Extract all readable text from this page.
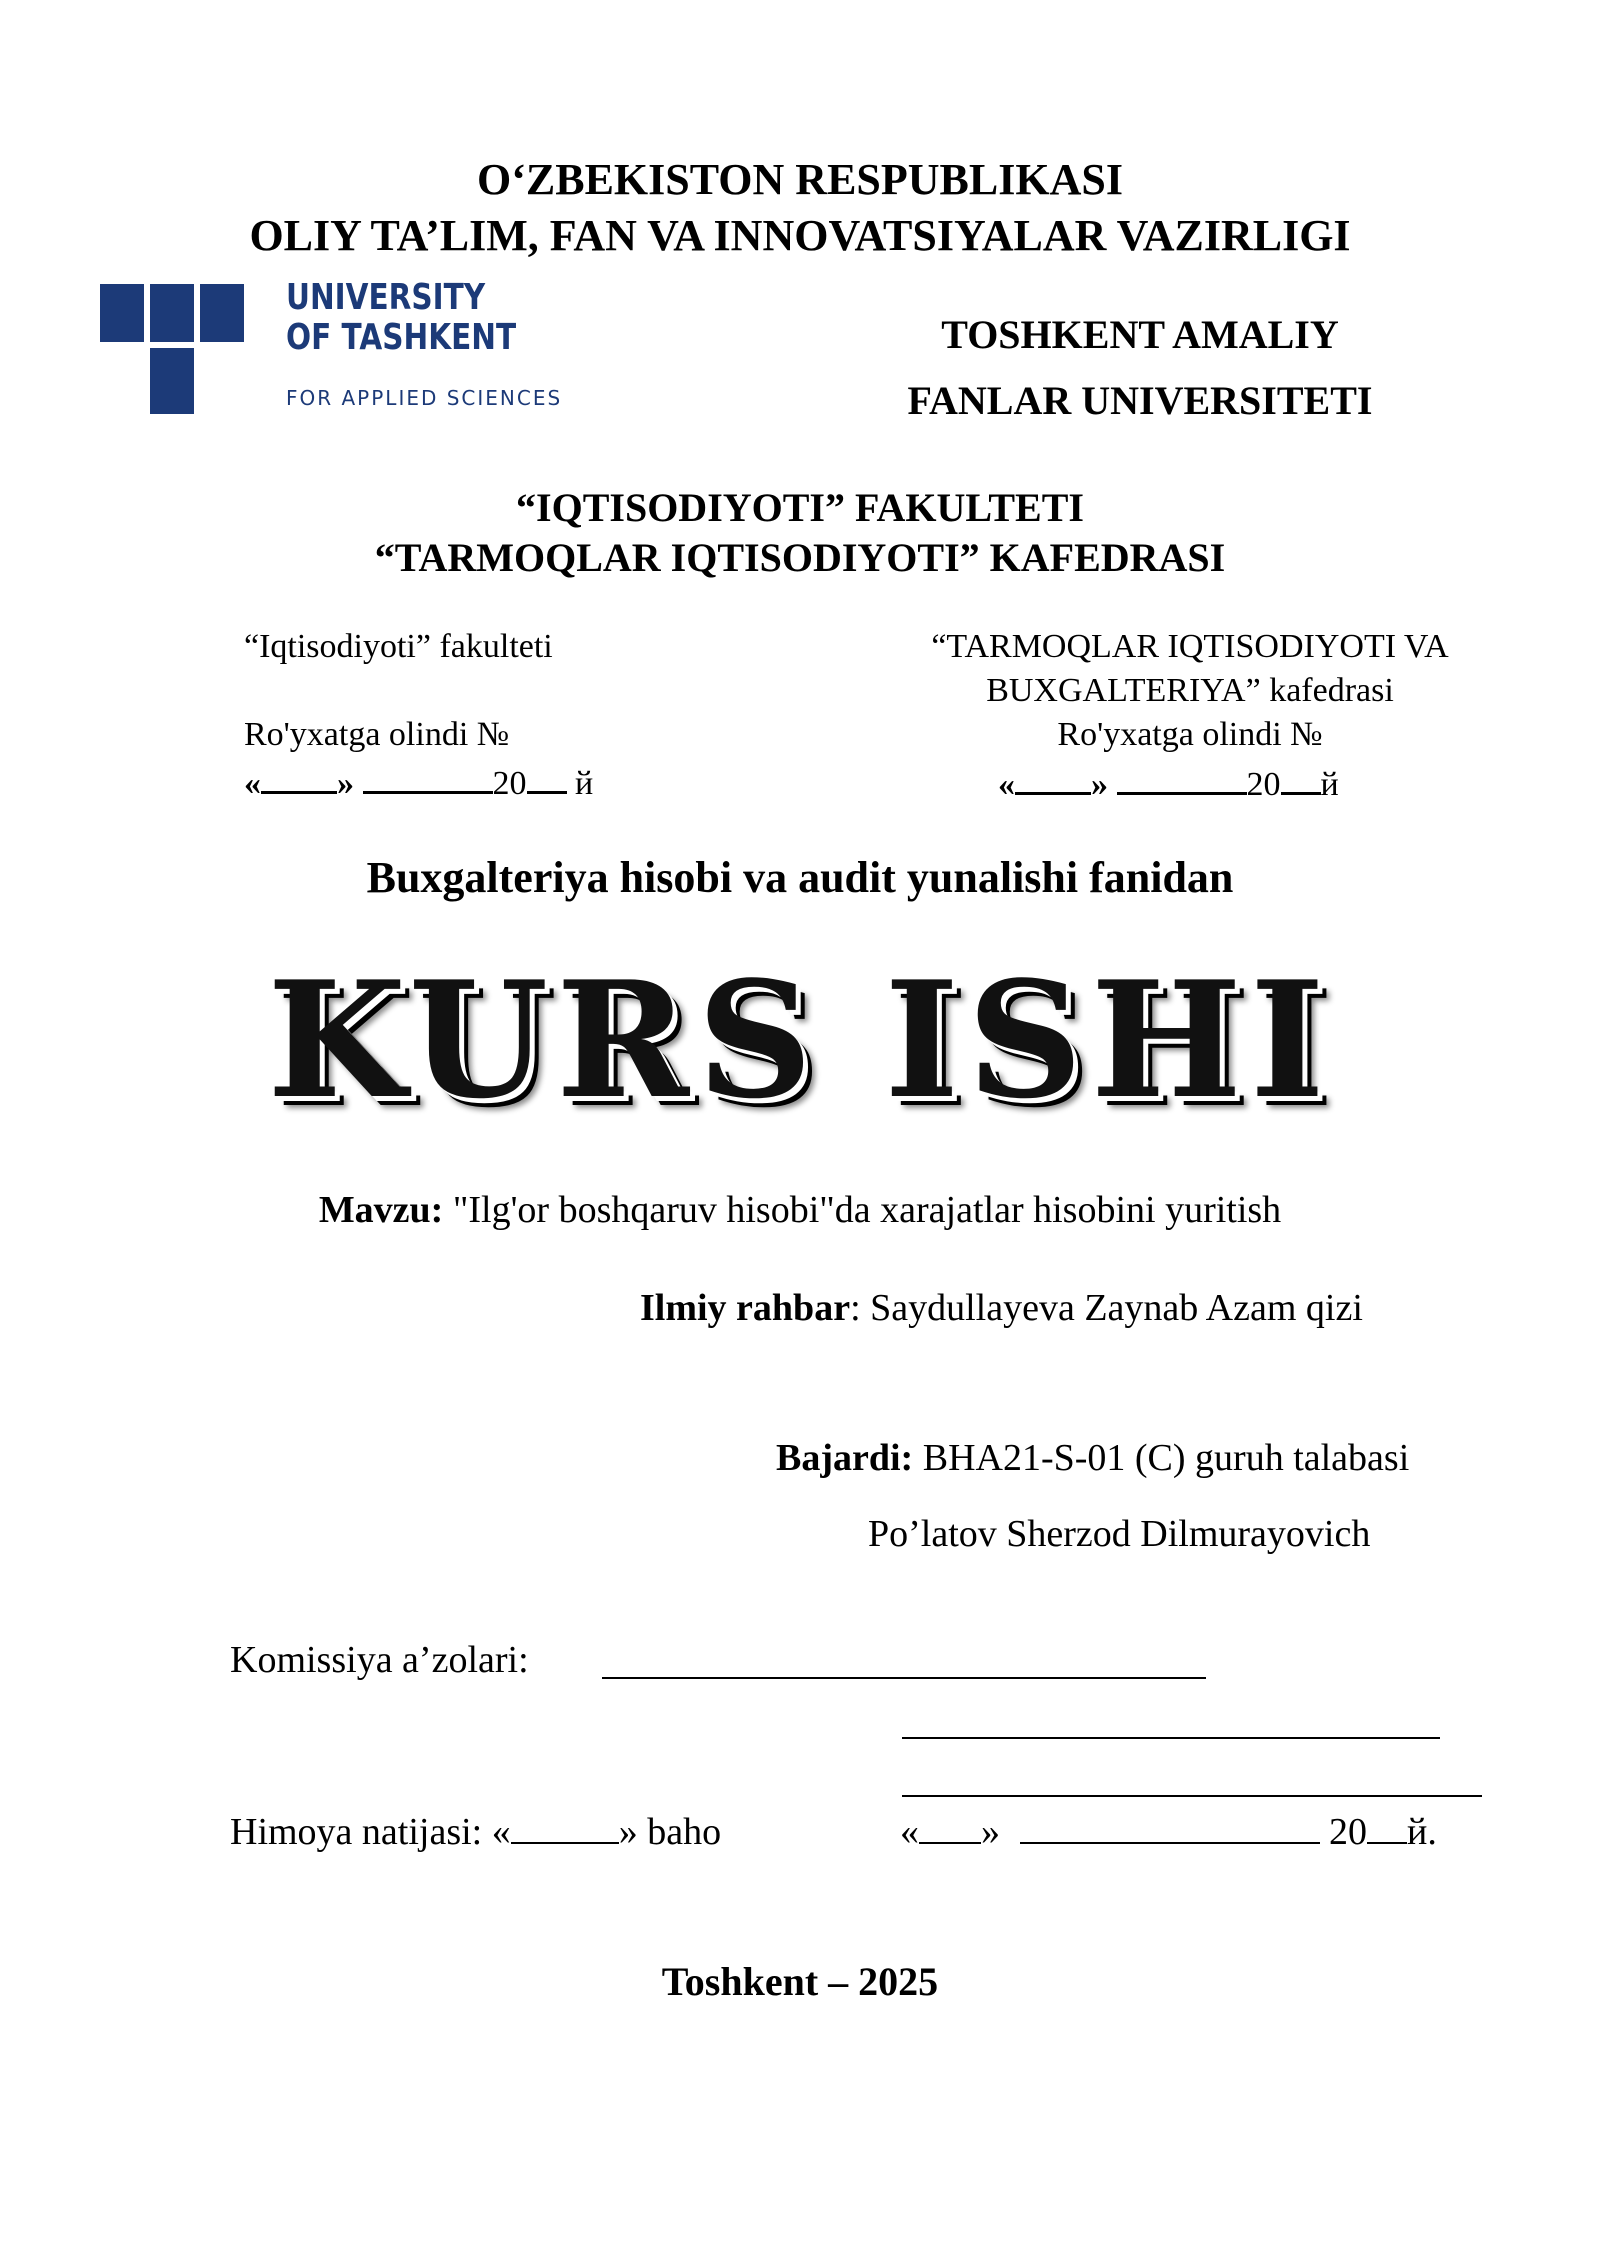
O‘ZBEKISTON RESPUBLIKASI
OLIY TA’LIM, FAN VA INNOVATSIYALAR VAZIRLIGI
UNIVERSITY
OF TASHKENT
FOR APPLIED SCIENCES
TOSHKENT AMALIY
FANLAR UNIVERSITETI
“IQTISODIYOTI” FAKULTETI
“TARMOQLAR IQTISODIYOTI” KAFEDRASI
“Iqtisodiyoti” fakulteti
Ro'yxatga olindi №
« »	20 й
“TARMOQLAR IQTISODIYOTI VA
BUXGALTERIYA” kafedrasi
Ro'yxatga olindi №
« »	20 й
Buxgalteriya hisobi va audit yunalishi fanidan
KURS ISHI
Mavzu: "Ilg'or boshqaruv hisobi"da xarajatlar hisobini yuritish
Ilmiy rahbar: Saydullayeva Zaynab Azam qizi
Bajardi: BHA21-S-01 (C) guruh talabasi
Po’latov Sherzod Dilmurayovich
Komissiya a’zolari:
Himoya natijasi: «	» baho	« »	20 й.
Toshkent – 2025
